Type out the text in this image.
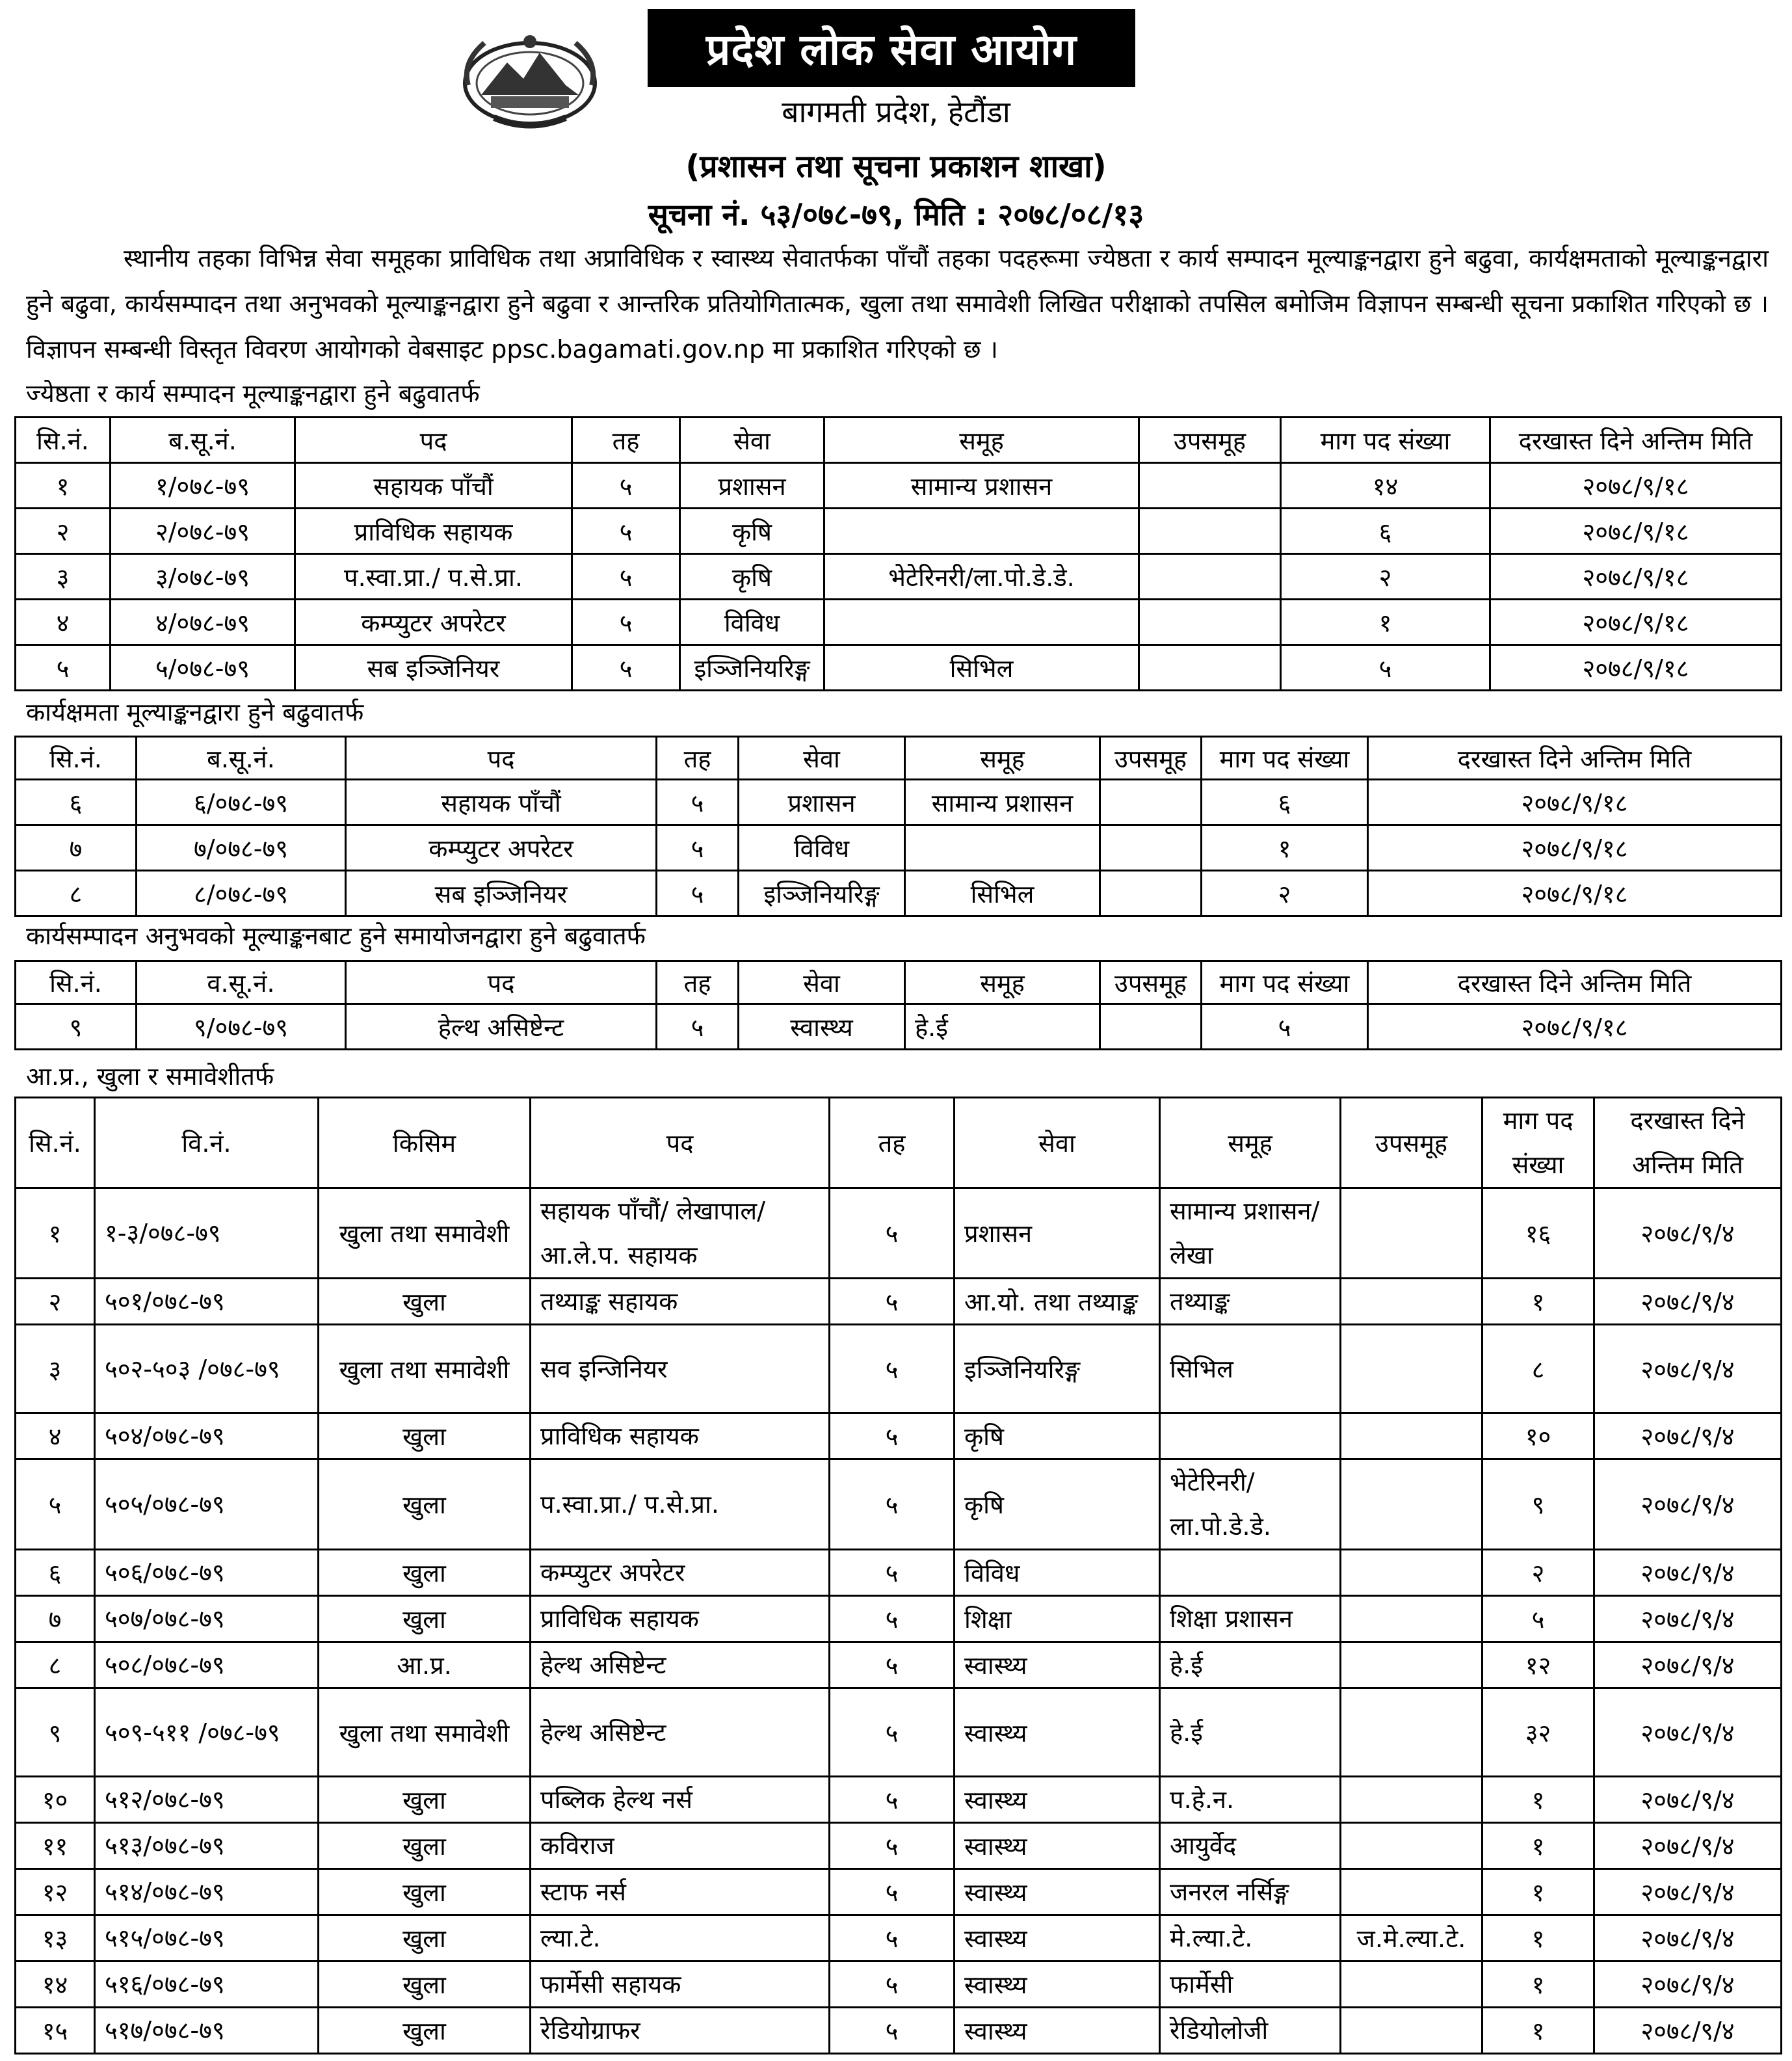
प्रदेश लोक सेवा आयोग
बागमती प्रदेश, हेटौंडा
(प्रशासन तथा सूचना प्रकाशन शाखा)
सूचना नं. ५३/०७८-७९, मिति : २०७८/०८/१३
स्थानीय तहका विभिन्न सेवा समूहका प्राविधिक तथा अप्राविधिक र स्वास्थ्य सेवातर्फका पाँचौं तहका पदहरूमा ज्येष्ठता र कार्य सम्पादन मूल्याङ्कनद्वारा हुने बढुवा, कार्यक्षमताको मूल्याङ्कनद्वारा हुने बढुवा, कार्यसम्पादन तथा अनुभवको मूल्याङ्कनद्वारा हुने बढुवा र आन्तरिक प्रतियोगितात्मक, खुला तथा समावेशी लिखित परीक्षाको तपसिल बमोजिम विज्ञापन सम्बन्धी सूचना प्रकाशित गरिएको छ । विज्ञापन सम्बन्धी विस्तृत विवरण आयोगको वेबसाइट ppsc.bagamati.gov.np मा प्रकाशित गरिएको छ ।
ज्येष्ठता र कार्य सम्पादन मूल्याङ्कनद्वारा हुने बढुवातर्फ
सि.नं.	ब.सू.नं.	पद	तह	सेवा	समूह	उपसमूह	माग पद संख्या	दरखास्त दिने अन्तिम मिति
१	१/०७८-७९	सहायक पाँचौं	५	प्रशासन	सामान्य प्रशासन		१४	२०७८/९/१८
२	२/०७८-७९	प्राविधिक सहायक	५	कृषि			६	२०७८/९/१८
३	३/०७८-७९	प.स्वा.प्रा./ प.से.प्रा.	५	कृषि	भेटेरिनरी/ला.पो.डे.डे.		२	२०७८/९/१८
४	४/०७८-७९	कम्प्युटर अपरेटर	५	विविध			१	२०७८/९/१८
५	५/०७८-७९	सब इञ्जिनियर	५	इञ्जिनियरिङ्ग	सिभिल		५	२०७८/९/१८
कार्यक्षमता मूल्याङ्कनद्वारा हुने बढुवातर्फ
सि.नं.	ब.सू.नं.	पद	तह	सेवा	समूह	उपसमूह	माग पद संख्या	दरखास्त दिने अन्तिम मिति
६	६/०७८-७९	सहायक पाँचौं	५	प्रशासन	सामान्य प्रशासन		६	२०७८/९/१८
७	७/०७८-७९	कम्प्युटर अपरेटर	५	विविध			१	२०७८/९/१८
८	८/०७८-७९	सब इञ्जिनियर	५	इञ्जिनियरिङ्ग	सिभिल		२	२०७८/९/१८
कार्यसम्पादन अनुभवको मूल्याङ्कनबाट हुने समायोजनद्वारा हुने बढुवातर्फ
सि.नं.	व.सू.नं.	पद	तह	सेवा	समूह	उपसमूह	माग पद संख्या	दरखास्त दिने अन्तिम मिति
९	९/०७८-७९	हेल्थ असिष्टेन्ट	५	स्वास्थ्य	हे.ई		५	२०७८/९/१८
आ.प्र., खुला र समावेशीतर्फ
सि.नं.	वि.नं.	किसिम	पद	तह	सेवा	समूह	उपसमूह	माग पद संख्या	दरखास्त दिने अन्तिम मिति
१	१-३/०७८-७९	खुला तथा समावेशी	सहायक पाँचौं/ लेखापाल/ आ.ले.प. सहायक	५	प्रशासन	सामान्य प्रशासन/लेखा		१६	२०७८/९/४
२	५०१/०७८-७९	खुला	तथ्याङ्क सहायक	५	आ.यो. तथा तथ्याङ्क	तथ्याङ्क		१	२०७८/९/४
३	५०२-५०३ /०७८-७९	खुला तथा समावेशी	सव इन्जिनियर	५	इञ्जिनियरिङ्ग	सिभिल		८	२०७८/९/४
४	५०४/०७८-७९	खुला	प्राविधिक सहायक	५	कृषि			१०	२०७८/९/४
५	५०५/०७८-७९	खुला	प.स्वा.प्रा./ प.से.प्रा.	५	कृषि	भेटेरिनरी/ ला.पो.डे.डे.		९	२०७८/९/४
६	५०६/०७८-७९	खुला	कम्प्युटर अपरेटर	५	विविध			२	२०७८/९/४
७	५०७/०७८-७९	खुला	प्राविधिक सहायक	५	शिक्षा	शिक्षा प्रशासन		५	२०७८/९/४
८	५०८/०७८-७९	आ.प्र.	हेल्थ असिष्टेन्ट	५	स्वास्थ्य	हे.ई		१२	२०७८/९/४
९	५०९-५११ /०७८-७९	खुला तथा समावेशी	हेल्थ असिष्टेन्ट	५	स्वास्थ्य	हे.ई		३२	२०७८/९/४
१०	५१२/०७८-७९	खुला	पब्लिक हेल्थ नर्स	५	स्वास्थ्य	प.हे.न.		१	२०७८/९/४
११	५१३/०७८-७९	खुला	कविराज	५	स्वास्थ्य	आयुर्वेद		१	२०७८/९/४
१२	५१४/०७८-७९	खुला	स्टाफ नर्स	५	स्वास्थ्य	जनरल नर्सिङ्ग		१	२०७८/९/४
१३	५१५/०७८-७९	खुला	ल्या.टे.	५	स्वास्थ्य	मे.ल्या.टे.	ज.मे.ल्या.टे.	१	२०७८/९/४
१४	५१६/०७८-७९	खुला	फार्मेसी सहायक	५	स्वास्थ्य	फार्मेसी		१	२०७८/९/४
१५	५१७/०७८-७९	खुला	रेडियोग्राफर	५	स्वास्थ्य	रेडियोलोजी		१	२०७८/९/४
